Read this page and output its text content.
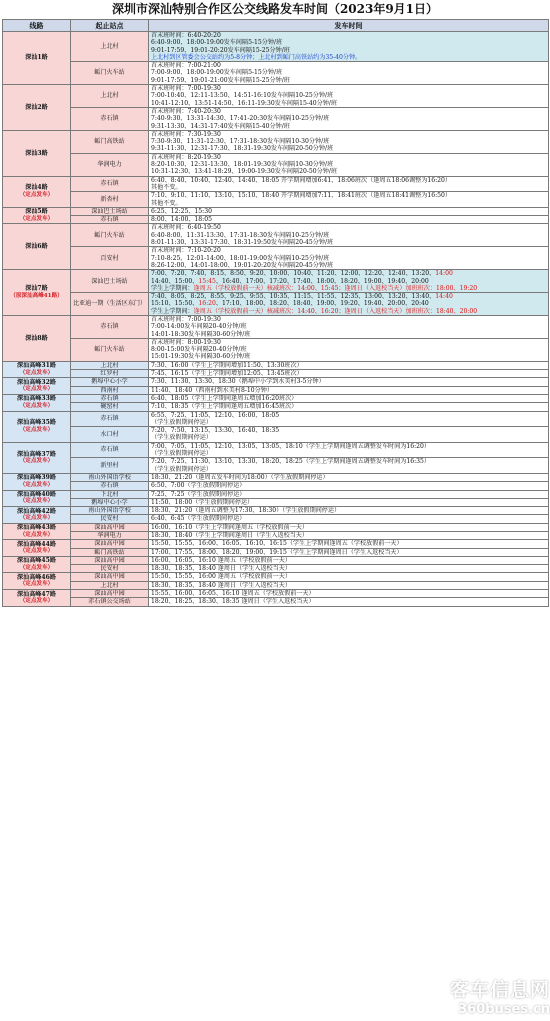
深圳市深汕特别合作区公交线路发车时间（2023年9月1日）
线路	起止站点	发车时间

深汕1路	上北村	首末班时间：6:40-20:20
6:40-9:00、18:00-19:00发车间隔5-15分钟/班
9:01-17:59、19:01-20:20发车间隔15-25分钟/班
上北村到区管委会公交站约为5-8分钟；上北村到鲘门高铁站约为35-40分钟。

	鲘门火车站	首末班时间：7:00-21:00
7:00-9:00、18:00-19:00发车间隔5-15分钟/班
9:01-17:59、19:01-21:00发车间隔15-25分钟/班

深汕2路	上北村	首末班时间：7:00-19:30
7:00-10:40、12:11-13:50、14:51-16:10发车间隔10-25分钟/班
10:41-12:10、13:51-14:50、16:11-19:30发车间隔15-40分钟/班

	赤石镇	首末班时间：7:40-20:30
7:40-9:30、13:31-14:30、17:41-20:30发车间隔10-25分钟/班
9:31-13:30、14:31-17:40发车间隔15-40分钟/班

深汕3路	鲘门高铁站	首末班时间：7:30-19:30
7:30-9:30、11:31-12:30、17:31-18:30发车间隔10-30分钟/班
9:31-11:30、12:31-17:30、18:31-19:30发车间隔20-50分钟/班

	华润电力	首末班时间：8:20-19:30
8:20-10:30、12:31-13:30、18:01-19:30发车间隔10-30分钟/班
10:31-12:30、13:41-18:29、19:00-19:30发车间隔20-50分钟/班

深汕4路
（定点发车）	赤石镇	6:40、8:40、10:40、12:40、14:40、18:05 开学期间增加6:41、18:06班次（逢周五18:06调整为16:20）
其他不变。

	新杏村	7:10、9:10、11:10、13:10、15:10、18:40 开学期间增加7:11、18:41班次（逢周五18:41调整为16:50）
其他不变。

深汕5路
（定点发车）	深汕巴士场站	6:25、12:25、15:30

	赤石镇	8:00、14:00、18:05

深汕6路	鲘门火车站	首末班时间：6:40-19:50
6:40-8:00、11:31-13:30、17:31-18:30发车间隔10-25分钟/班
8:01-11:30、13:31-17:30、18:31-19:50发车间隔20-45分钟/班

	百安村	首末班时间：7:10-20:20
7:10-8:25、12:01-14:00、18:01-19:00发车间隔10-25分钟/班
8:26-12:00、14:01-18:00、19:01-20:20发车间隔20-45分钟/班

深汕7路
（原深汕高峰41路）	深汕巴士场站	7:00、7:20、7:40、8:15、8:50、9:20、10:00、10:40、11:20、12:00、12:20、12:40、13:20、14:00
14:40、15:00、15:45、16:40、17:00、17:20、17:40、18:00、18:20、19:00、19:40、20:00
学生上学期间：逢周五（学校放假前一天）核减班次：14:00、15:45；逢周日（入返校当天）加班班次：18:00、19:20

	比亚迪一期（生活区东门）	7:40、8:05、8:25、8:55、9:25、9:55、10:35、11:15、11:55、12:35、13:00、13:20、13:40、14:40
15:10、15:50、16:20、17:10、18:00、18:20、18:40、19:00、19:20、19:40、20:00、20:40
学生上学期间：逢周五（学校放假前一天）核减班次：14:40、16:20；逢周日（入返校当天）加班班次：18:40、20:00

深汕8路	赤石镇	首末班时间：7:00-19:30
7:00-14:00发车间隔20-40分钟/班
14:01-18:30发车间隔30-60分钟/班

	鲘门火车站	首末班时间：8:00-19:30
8:00-15:00发车间隔20-40分钟/班
15:01-19:30发车间隔30-60分钟/班

深汕高峰31路
（定点发车）	上北村	7:30、16:00（学生上学期间增加11:50、13:30班次）

	红罗村	7:45、16:15（学生上学期间增加12:05、13:45班次）

深汕高峰32路
（定点发车）	鹅埠中心小学	7:30、11:30、13:30、18:30（鹅埠中小学到水美村3-5分钟）

	西南村	11:40、18:40（西南村到水美村8-10分钟）

深汕高峰33路
（定点发车）	赤石镇	6:40、18:05（学生上学期间逢周五增加16:20班次）

	碗窑村	7:10、18:35（学生上学期间逢周五增加16:45班次）

深汕高峰35路
（定点发车）	赤石镇	6:55、7:25、11:05、12:10、16:00、18:05
（学生放假期间停运）

	水口村	7:20、7:50、13:15、13:30、16:40、18:35
（学生放假期间停运）

深汕高峰37路
（定点发车）	赤石镇	7:00、7:05、11:05、12:10、13:05、13:05、18:10（学生上学期间逢周五调整发车时间为16:20）
（学生放假期间停运）

	新里村	7:20、7:25、11:30、13:10、13:30、18:20、18:25（学生上学期间逢周五调整发车时间为16:35）
（学生放假期间停运）

深汕高峰39路
（定点发车）	南山外国语学校	18:30、21:20（逢周五发车时间为18:00）（学生放假期间停运）

	赤石镇	6:50、7:00（学生放假期间停运）

深汕高峰40路
（定点发车）	下北村	7:25、7:25（学生放假期间停运）

	鹅埠中心小学	11:50、18:00（学生放假期间停运）

深汕高峰42路
（定点发车）	南山外国语学校	18:30、21:20（逢周五调整为17:30、18:30）（学生放假期间停运）

	民安村	6:40、6:45（学生放假期间停运）

深汕高峰43路
（定点发车）	深汕高中园	16:00、16:10（学生上学期间逢周五（学校放假前一天）

	华润电力	18:30、18:40（学生上学期间逢周日（学生入返校当天）

深汕高峰44路
（定点发车）	深汕高中园	15:50、15:55、16:00、16:05、16:10、16:15（学生上学期间逢周五（学校放假前一天）

	鲘门高铁站	17:00、17:55、18:00、18:20、19:00、19:15（学生上学期间逢周日（学生入返校当天）

深汕高峰45路
（定点发车）	深汕高中园	16:00、16:05、16:10 逢周五（学校放假前一天）

	民安村	18:30、18:35、18:40 逢周日（学生入返校当天）

深汕高峰46路
（定点发车）	深汕高中园	15:50、15:55、16:00 逢周五（学校放假前一天）

	上北村	18:30、18:35、18:40 逢周日（学生入返校当天）

深汕高峰47路
（定点发车）	深汕高中园	15:55、16:00、16:05、16:10 逢周五（学校放假前一天）

	赤石镇公交场站	18:20、18:25、18:30、18:35 逢周日（学生入返校当天）
客车信息网
360buses.cn
